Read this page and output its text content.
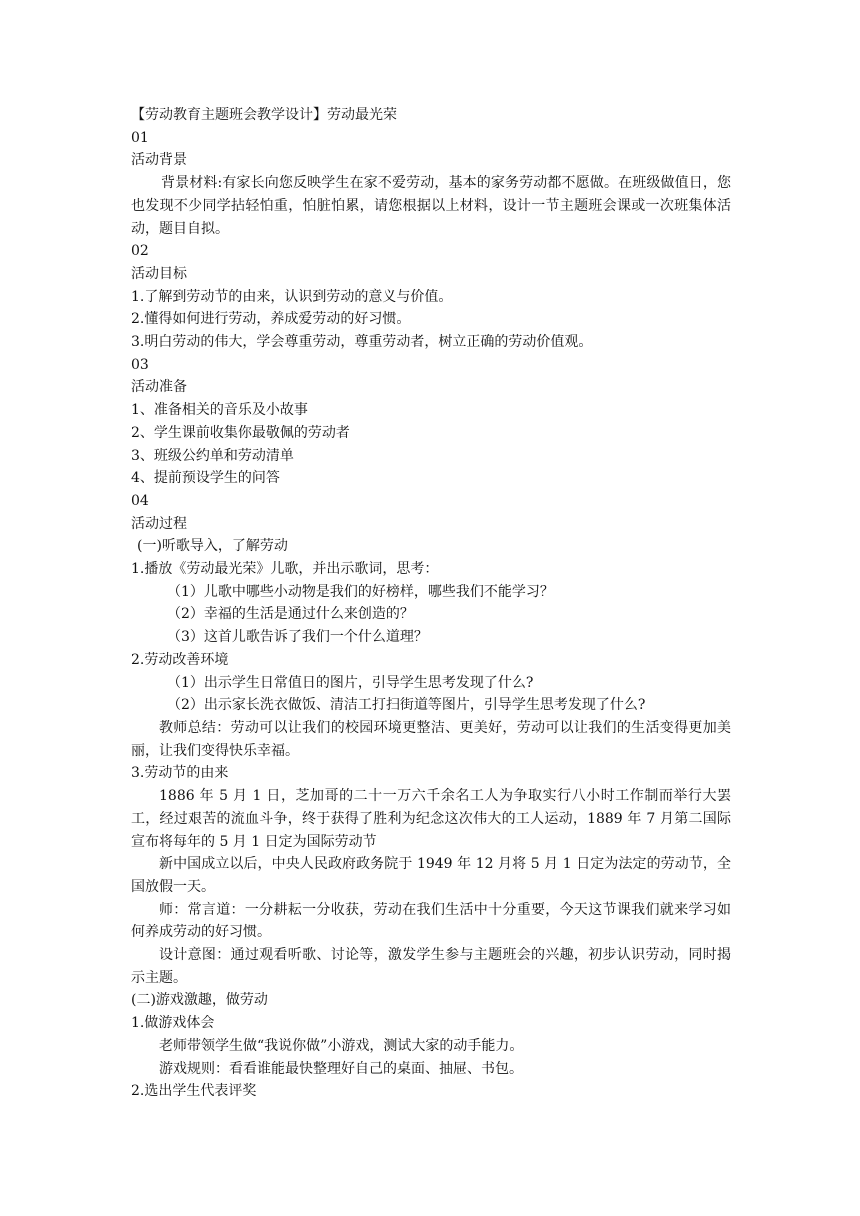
【劳动教育主题班会教学设计】劳动最光荣
01
活动背景
背景材料:有家长向您反映学生在家不爱劳动，基本的家务劳动都不愿做。在班级做值日，您也发现不少同学拈轻怕重，怕脏怕累，请您根据以上材料，设计一节主题班会课或一次班集体活动，题目自拟。
02
活动目标
1.了解到劳动节的由来，认识到劳动的意义与价值。
2.懂得如何进行劳动，养成爱劳动的好习惯。
3.明白劳动的伟大，学会尊重劳动，尊重劳动者，树立正确的劳动价值观。
03
活动准备
1、准备相关的音乐及小故事
2、学生课前收集你最敬佩的劳动者
3、班级公约单和劳动清单
4、提前预设学生的问答
04
活动过程
(一)听歌导入，了解劳动
1.播放《劳动最光荣》儿歌，并出示歌词，思考：
（1）儿歌中哪些小动物是我们的好榜样，哪些我们不能学习？
（2）幸福的生活是通过什么来创造的？
（3）这首儿歌告诉了我们一个什么道理？
2.劳动改善环境
（1）出示学生日常值日的图片，引导学生思考发现了什么?
（2）出示家长洗衣做饭、清洁工打扫街道等图片，引导学生思考发现了什么?
教师总结：劳动可以让我们的校园环境更整洁、更美好，劳动可以让我们的生活变得更加美丽，让我们变得快乐幸福。
3.劳动节的由来
1886 年 5 月 1 日，芝加哥的二十一万六千余名工人为争取实行八小时工作制而举行大罢工，经过艰苦的流血斗争，终于获得了胜利为纪念这次伟大的工人运动，1889 年 7 月第二国际宣布将每年的 5 月 1 日定为国际劳动节
新中国成立以后，中央人民政府政务院于 1949 年 12 月将 5 月 1 日定为法定的劳动节，全国放假一天。
师：常言道：一分耕耘一分收获，劳动在我们生活中十分重要，今天这节课我们就来学习如何养成劳动的好习惯。
设计意图：通过观看听歌、讨论等，激发学生参与主题班会的兴趣，初步认识劳动，同时揭示主题。
(二)游戏激趣，做劳动
1.做游戏体会
老师带领学生做“我说你做”小游戏，测试大家的动手能力。
游戏规则：看看谁能最快整理好自己的桌面、抽屉、书包。
2.选出学生代表评奖
